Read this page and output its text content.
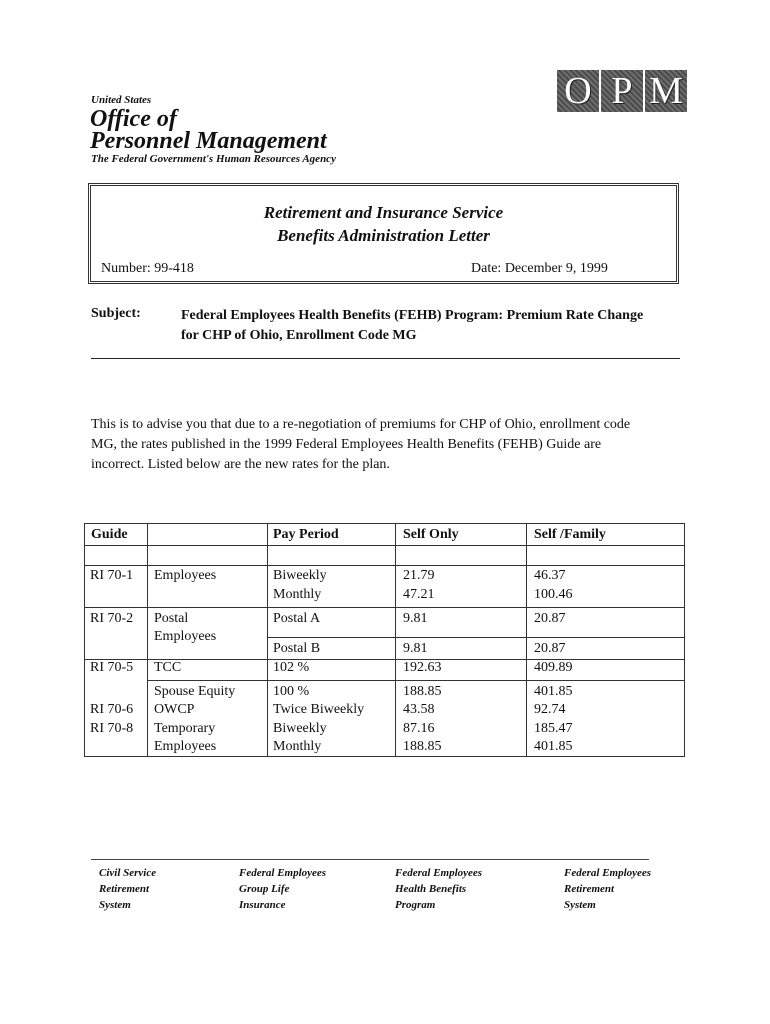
United States
Office of
Personnel Management
The Federal Government's Human Resources Agency
O P M
Retirement and Insurance Service
Benefits Administration Letter
Number: 99-418	Date: December 9, 1999
Subject:	Federal Employees Health Benefits (FEHB) Program: Premium Rate Change
for CHP of Ohio, Enrollment Code MG
This is to advise you that due to a re-negotiation of premiums for CHP of Ohio, enrollment code
MG, the rates published in the 1999 Federal Employees Health Benefits (FEHB) Guide are
incorrect. Listed below are the new rates for the plan.
Guide	Pay Period	Self Only	Self /Family
RI 70-1 Employees	Biweekly	21.79	46.37
Monthly	47.21	100.46
RI 70-2 Postal	Postal A	9.81	20.87
Employees
Postal B	9.81	20.87
RI 70-5 TCC	102 %	192.63	409.89
Spouse Equity	100 %	188.85	401.85
RI 70-6 OWCP	Twice Biweekly	43.58	92.74
RI 70-8 Temporary	Biweekly	87.16	185.47
Employees	Monthly	188.85	401.85
Civil Service
Retirement
System
Federal Employees
Group Life
Insurance
Federal Employees
Health Benefits
Program
Federal Employees
Retirement
System
